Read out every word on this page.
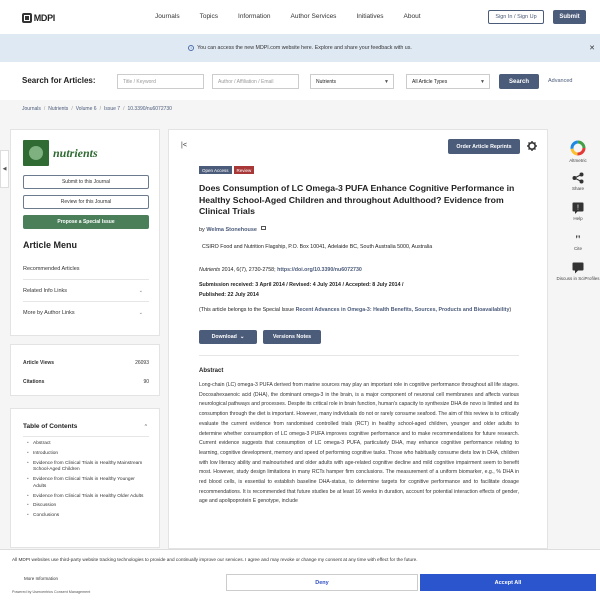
MDPI	Journals	Topics	Information	Author Services	Initiatives	About	Sign In / Sign Up	Submit
i	You can access the new MDPI.com website here. Explore and share your feedback with us.	✕
Search for Articles:	Title / Keyword	Author / Affiliation / Email	Nutrients	▼	All Article Types	▼	Search	Advanced
Journals / Nutrients / Volume 6 / Issue 7 / 10.3390/nu6072730
◀
nutrients
Submit to this Journal
Review for this Journal
Propose a Special Issue
Article Menu
Recommended Articles
Related Info Links	⌄
More by Author Links	⌄
Article Views	26093
Citations	90
Table of Contents	^
• Abstract
• Introduction
• Evidence from Clinical Trials in Healthy Mainstream School-Aged Children
• Evidence from Clinical Trials in Healthy Younger Adults
• Evidence from Clinical Trials in Healthy Older Adults
• Discussion
• Conclusions
|<	Order Article Reprints
Open Access	Review
Does Consumption of LC Omega-3 PUFA Enhance Cognitive Performance in Healthy School-Aged Children and throughout Adulthood? Evidence from Clinical Trials
by Welma Stonehouse
CSIRO Food and Nutrition Flagship, P.O. Box 10041, Adelaide BC, South Australia 5000, Australia
Nutrients 2014, 6(7), 2730-2758; https://doi.org/10.3390/nu6072730
Submission received: 3 April 2014 / Revised: 4 July 2014 / Accepted: 8 July 2014 /
Published: 22 July 2014
(This article belongs to the Special Issue Recent Advances in Omega-3: Health Benefits, Sources, Products and Bioavailability)
Download ⌄	Versions Notes
Abstract
Long-chain (LC) omega-3 PUFA derived from marine sources may play an important role in cognitive performance throughout all life stages. Docosahexaenoic acid (DHA), the dominant omega-3 in the brain, is a major component of neuronal cell membranes and affects various neurological pathways and processes. Despite its critical role in brain function, human's capacity to synthesize DHA de novo is limited and its consumption through the diet is important. However, many individuals do not or rarely consume seafood. The aim of this review is to critically evaluate the current evidence from randomised controlled trials (RCT) in healthy school-aged children, younger and older adults to determine whether consumption of LC omega-3 PUFA improves cognitive performance and to make recommendations for future research. Current evidence suggests that consumption of LC omega-3 PUFA, particularly DHA, may enhance cognitive performance relating to learning, cognitive development, memory and speed of performing cognitive tasks. Those who habitually consume diets low in DHA, children with low literacy ability and malnourished and older adults with age-related cognitive decline and mild cognitive impairment seem to benefit most. However, study design limitations in many RCTs hamper firm conclusions. The measurement of a uniform biomarker, e.g., % DHA in red blood cells, is essential to establish baseline DHA-status, to determine targets for cognitive performance and to facilitate dosage recommendations. It is recommended that future studies be at least 16 weeks in duration, account for potential interaction effects of gender, age and apolipoprotein E genotype, include
Altmetric
Share
!
Help
"
Cite
Discuss in SciProfiles
All MDPI websites use third-party website tracking technologies to provide and continually improve our services. I agree and may revoke or change my consent at any time with effect for the future.
More Information
Powered by Usercentrics Consent Management
Deny	Accept All
